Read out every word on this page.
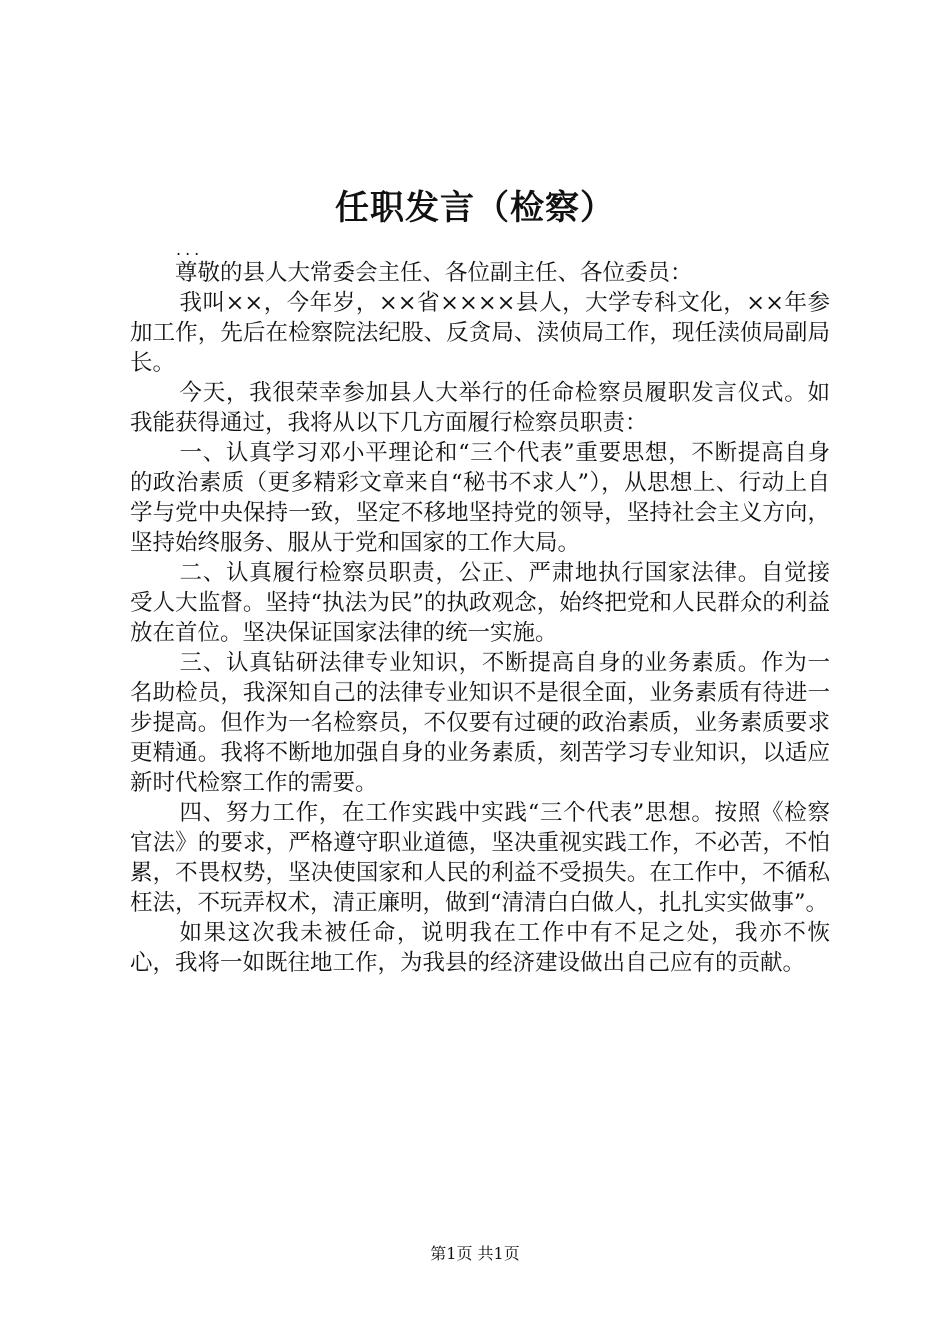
任职发言（检察）
...

尊敬的县人大常委会主任、各位副主任、各位委员：

我叫××，今年岁，××省××××县人，大学专科文化，××年参加工作，先后在检察院法纪股、反贪局、渎侦局工作，现任渎侦局副局长。

今天，我很荣幸参加县人大举行的任命检察员履职发言仪式。如我能获得通过，我将从以下几方面履行检察员职责：

一、认真学习邓小平理论和“三个代表”重要思想，不断提高自身的政治素质（更多精彩文章来自“秘书不求人”），从思想上、行动上自学与党中央保持一致，坚定不移地坚持党的领导，坚持社会主义方向，坚持始终服务、服从于党和国家的工作大局。

二、认真履行检察员职责，公正、严肃地执行国家法律。自觉接受人大监督。坚持“执法为民”的执政观念，始终把党和人民群众的利益放在首位。坚决保证国家法律的统一实施。

三、认真钻研法律专业知识，不断提高自身的业务素质。作为一名助检员，我深知自己的法律专业知识不是很全面，业务素质有待进一步提高。但作为一名检察员，不仅要有过硬的政治素质，业务素质要求更精通。我将不断地加强自身的业务素质，刻苦学习专业知识，以适应新时代检察工作的需要。

四、努力工作，在工作实践中实践“三个代表”思想。按照《检察官法》的要求，严格遵守职业道德，坚决重视实践工作，不必苦，不怕累，不畏权势，坚决使国家和人民的利益不受损失。在工作中，不循私枉法，不玩弄权术，清正廉明，做到“清清白白做人，扎扎实实做事”。

如果这次我未被任命，说明我在工作中有不足之处，我亦不恢心，我将一如既往地工作，为我县的经济建设做出自己应有的贡献。

第1页 共1页
